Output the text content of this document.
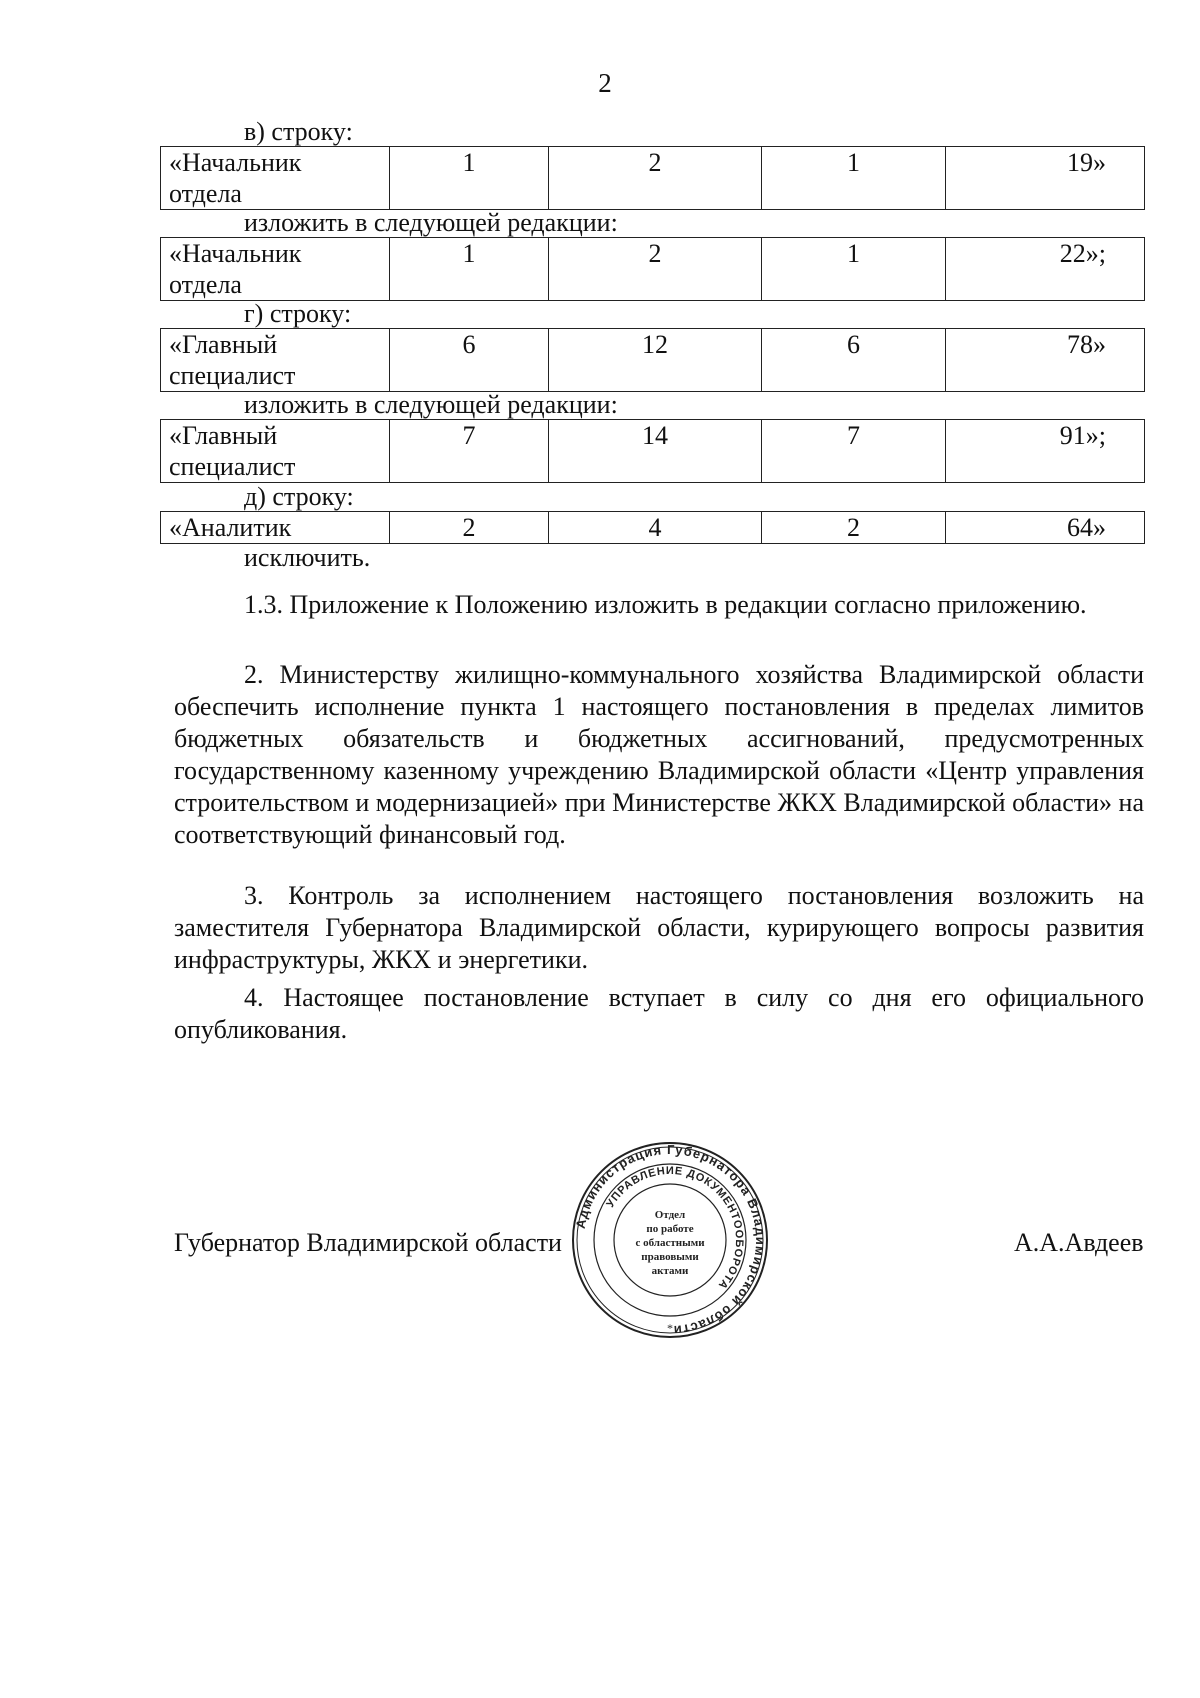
2
в) строку:
«Начальник
отдела	1	2	1	19»
изложить в следующей редакции:
«Начальник
отдела	1	2	1	22»;
г) строку:
«Главный
специалист	6	12	6	78»
изложить в следующей редакции:
«Главный
специалист	7	14	7	91»;
д) строку:
«Аналитик	2	4	2	64»
исключить.

1.3. Приложение к Положению изложить в редакции согласно приложению.

2. Министерству жилищно-коммунального хозяйства Владимирской области обеспечить исполнение пункта 1 настоящего постановления в пределах лимитов бюджетных обязательств и бюджетных ассигнований, предусмотренных государственному казенному учреждению Владимирской области «Центр управления строительством и модернизацией» при Министерстве ЖКХ Владимирской области» на соответствующий финансовый год.

3. Контроль за исполнением настоящего постановления возложить на заместителя Губернатора Владимирской области, курирующего вопросы развития инфраструктуры, ЖКХ и энергетики.

4. Настоящее постановление вступает в силу со дня его официального опубликования.

Губернатор Владимирской области	А.А.Авдеев
Администрация Губернатора Владимирской области
УПРАВЛЕНИЕ ДОКУМЕНТООБОРОТА
Отдел
по работе
с областными
правовыми
актами
*
